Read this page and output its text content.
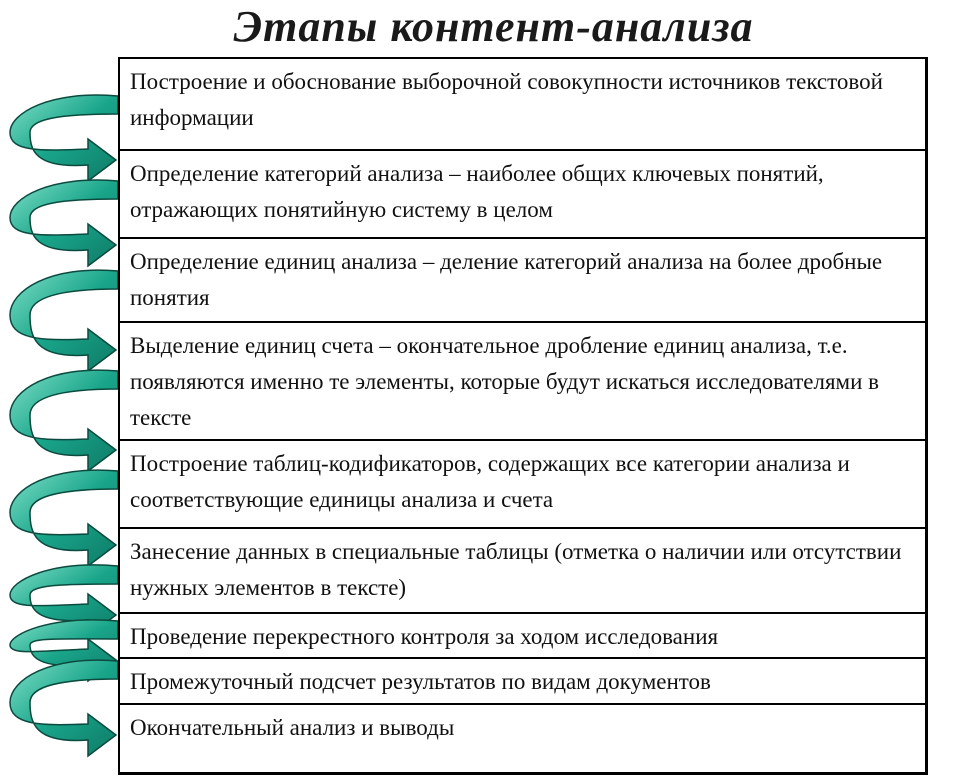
Этапы контент-анализа
Построение и обоснование выборочной совокупности источников текстовой информации
Определение категорий анализа – наиболее общих ключевых понятий, отражающих понятийную систему в целом
Определение единиц анализа – деление категорий анализа на более дробные понятия
Выделение единиц счета – окончательное дробление единиц анализа, т.е. появляются именно те элементы, которые будут искаться исследователями в тексте
Построение таблиц-кодификаторов, содержащих все категории анализа и соответствующие единицы анализа и счета
Занесение данных в специальные таблицы (отметка о наличии или отсутствии нужных элементов в тексте)
Проведение перекрестного контроля за ходом исследования
Промежуточный подсчет результатов по видам документов
Окончательный анализ и выводы
